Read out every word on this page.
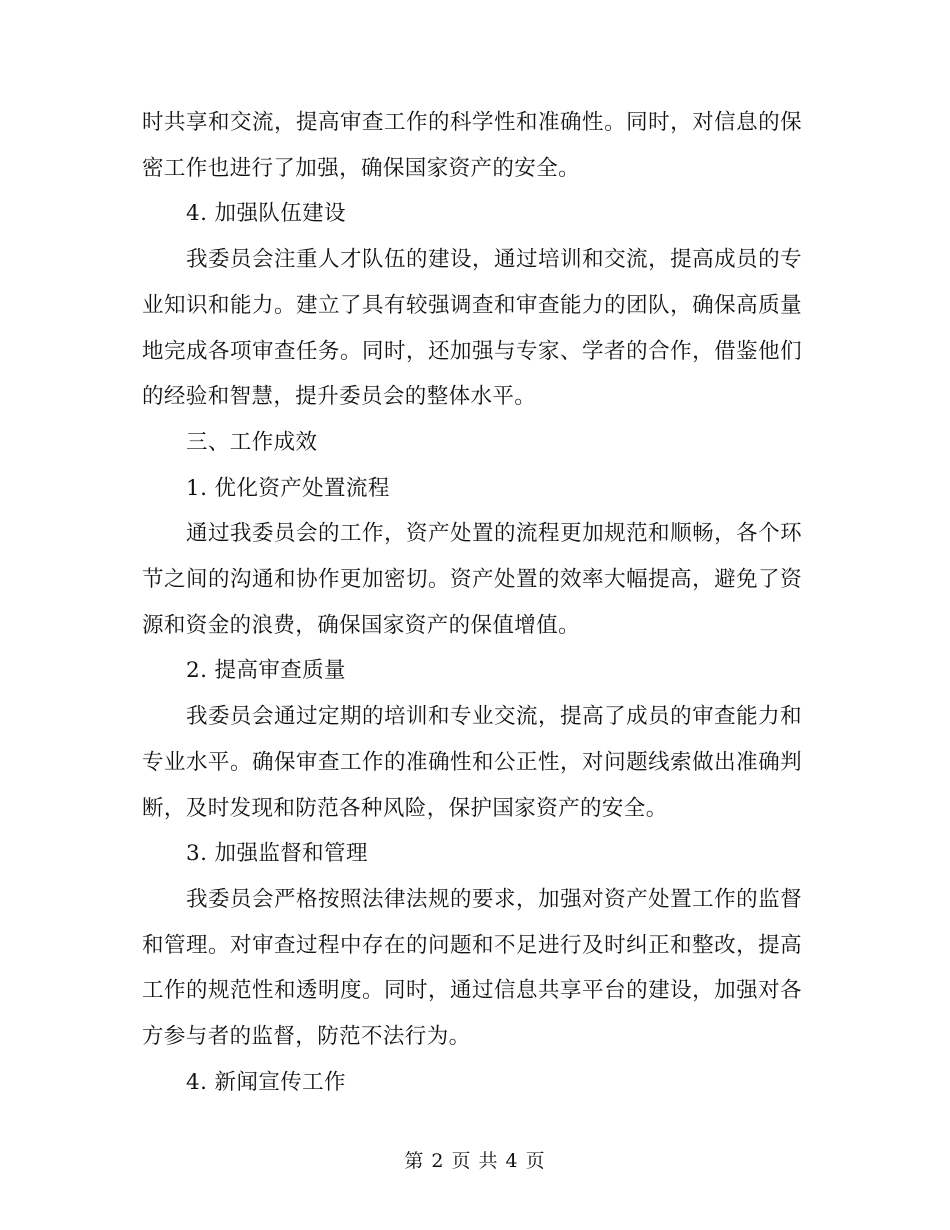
时共享和交流，提高审查工作的科学性和准确性。同时，对信息的保密工作也进行了加强，确保国家资产的安全。

4. 加强队伍建设

我委员会注重人才队伍的建设，通过培训和交流，提高成员的专业知识和能力。建立了具有较强调查和审查能力的团队，确保高质量地完成各项审查任务。同时，还加强与专家、学者的合作，借鉴他们的经验和智慧，提升委员会的整体水平。

三、工作成效

1. 优化资产处置流程

通过我委员会的工作，资产处置的流程更加规范和顺畅，各个环节之间的沟通和协作更加密切。资产处置的效率大幅提高，避免了资源和资金的浪费，确保国家资产的保值增值。

2. 提高审查质量

我委员会通过定期的培训和专业交流，提高了成员的审查能力和专业水平。确保审查工作的准确性和公正性，对问题线索做出准确判断，及时发现和防范各种风险，保护国家资产的安全。

3. 加强监督和管理

我委员会严格按照法律法规的要求，加强对资产处置工作的监督和管理。对审查过程中存在的问题和不足进行及时纠正和整改，提高工作的规范性和透明度。同时，通过信息共享平台的建设，加强对各方参与者的监督，防范不法行为。

4. 新闻宣传工作

第 2 页 共 4 页
